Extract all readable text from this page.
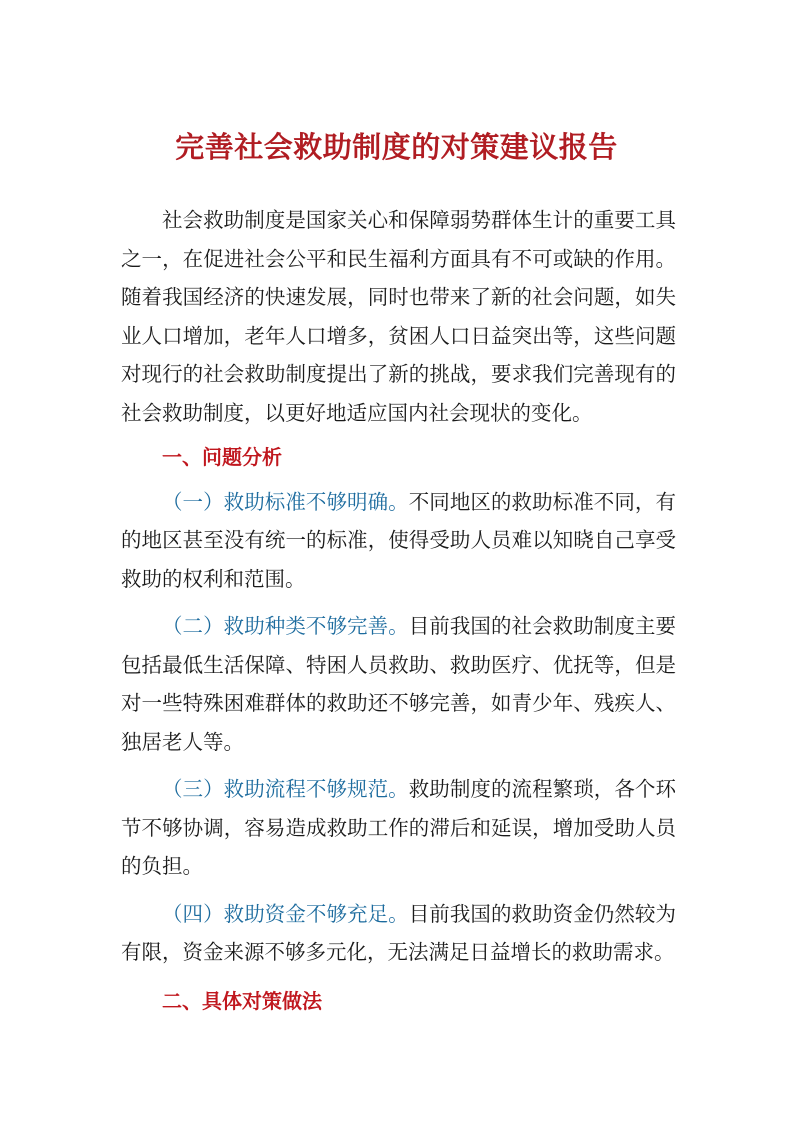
完善社会救助制度的对策建议报告

社会救助制度是国家关心和保障弱势群体生计的重要工具之一，在促进社会公平和民生福利方面具有不可或缺的作用。随着我国经济的快速发展，同时也带来了新的社会问题，如失业人口增加，老年人口增多，贫困人口日益突出等，这些问题对现行的社会救助制度提出了新的挑战，要求我们完善现有的社会救助制度，以更好地适应国内社会现状的变化。

一、问题分析

（一）救助标准不够明确。不同地区的救助标准不同，有的地区甚至没有统一的标准，使得受助人员难以知晓自己享受救助的权利和范围。

（二）救助种类不够完善。目前我国的社会救助制度主要包括最低生活保障、特困人员救助、救助医疗、优抚等，但是对一些特殊困难群体的救助还不够完善，如青少年、残疾人、独居老人等。

（三）救助流程不够规范。救助制度的流程繁琐，各个环节不够协调，容易造成救助工作的滞后和延误，增加受助人员的负担。

（四）救助资金不够充足。目前我国的救助资金仍然较为有限，资金来源不够多元化，无法满足日益增长的救助需求。

二、具体对策做法
